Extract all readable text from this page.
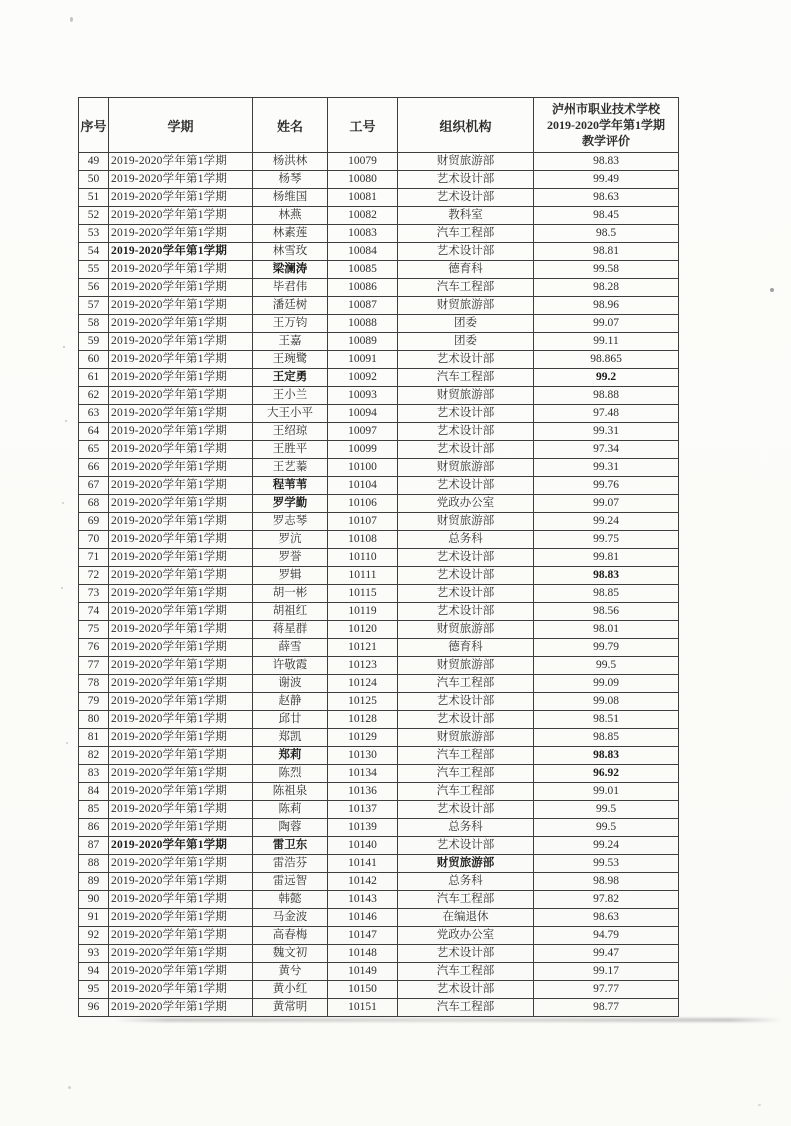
序号	学期	姓名	工号	组织机构	泸州市职业技术学校
2019-2020学年第1学期
教学评价

49	2019-2020学年第1学期	杨洪林	10079	财贸旅游部	98.83
50	2019-2020学年第1学期	杨琴	10080	艺术设计部	99.49
51	2019-2020学年第1学期	杨维国	10081	艺术设计部	98.63
52	2019-2020学年第1学期	林燕	10082	教科室	98.45
53	2019-2020学年第1学期	林素莲	10083	汽车工程部	98.5
54	2019-2020学年第1学期	林雪玫	10084	艺术设计部	98.81
55	2019-2020学年第1学期	梁澜涛	10085	德育科	99.58
56	2019-2020学年第1学期	毕君伟	10086	汽车工程部	98.28
57	2019-2020学年第1学期	潘廷树	10087	财贸旅游部	98.96
58	2019-2020学年第1学期	王万钧	10088	团委	99.07
59	2019-2020学年第1学期	王嘉	10089	团委	99.11
60	2019-2020学年第1学期	王琬鹭	10091	艺术设计部	98.865
61	2019-2020学年第1学期	王定勇	10092	汽车工程部	99.2
62	2019-2020学年第1学期	王小兰	10093	财贸旅游部	98.88
63	2019-2020学年第1学期	大王小平	10094	艺术设计部	97.48
64	2019-2020学年第1学期	王绍琼	10097	艺术设计部	99.31
65	2019-2020学年第1学期	王胜平	10099	艺术设计部	97.34
66	2019-2020学年第1学期	王艺蓁	10100	财贸旅游部	99.31
67	2019-2020学年第1学期	程苇苇	10104	艺术设计部	99.76
68	2019-2020学年第1学期	罗学勤	10106	党政办公室	99.07
69	2019-2020学年第1学期	罗志琴	10107	财贸旅游部	99.24
70	2019-2020学年第1学期	罗沆	10108	总务科	99.75
71	2019-2020学年第1学期	罗誉	10110	艺术设计部	99.81
72	2019-2020学年第1学期	罗辑	10111	艺术设计部	98.83
73	2019-2020学年第1学期	胡一彬	10115	艺术设计部	98.85
74	2019-2020学年第1学期	胡祖红	10119	艺术设计部	98.56
75	2019-2020学年第1学期	蒋星群	10120	财贸旅游部	98.01
76	2019-2020学年第1学期	薛雪	10121	德育科	99.79
77	2019-2020学年第1学期	许敬霞	10123	财贸旅游部	99.5
78	2019-2020学年第1学期	谢波	10124	汽车工程部	99.09
79	2019-2020学年第1学期	赵静	10125	艺术设计部	99.08
80	2019-2020学年第1学期	邱廿	10128	艺术设计部	98.51
81	2019-2020学年第1学期	郑凯	10129	财贸旅游部	98.85
82	2019-2020学年第1学期	郑莉	10130	汽车工程部	98.83
83	2019-2020学年第1学期	陈烈	10134	汽车工程部	96.92
84	2019-2020学年第1学期	陈祖泉	10136	汽车工程部	99.01
85	2019-2020学年第1学期	陈莉	10137	艺术设计部	99.5
86	2019-2020学年第1学期	陶蓉	10139	总务科	99.5
87	2019-2020学年第1学期	雷卫东	10140	艺术设计部	99.24
88	2019-2020学年第1学期	雷浩芬	10141	财贸旅游部	99.53
89	2019-2020学年第1学期	雷远智	10142	总务科	98.98
90	2019-2020学年第1学期	韩懿	10143	汽车工程部	97.82
91	2019-2020学年第1学期	马金波	10146	在编退休	98.63
92	2019-2020学年第1学期	高春梅	10147	党政办公室	94.79
93	2019-2020学年第1学期	魏文初	10148	艺术设计部	99.47
94	2019-2020学年第1学期	黄兮	10149	汽车工程部	99.17
95	2019-2020学年第1学期	黄小红	10150	艺术设计部	97.77
96	2019-2020学年第1学期	黄常明	10151	汽车工程部	98.77
